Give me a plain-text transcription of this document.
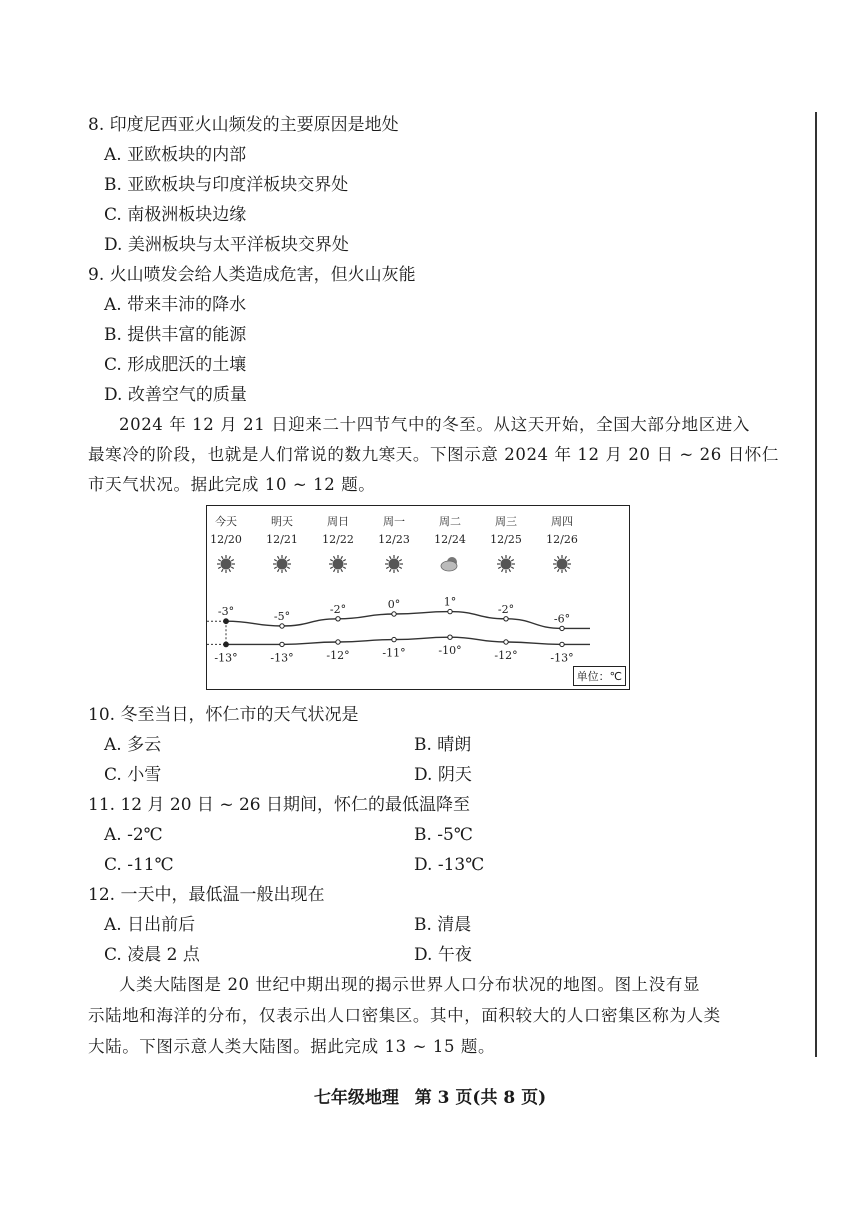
8. 印度尼西亚火山频发的主要原因是地处
A. 亚欧板块的内部
B. 亚欧板块与印度洋板块交界处
C. 南极洲板块边缘
D. 美洲板块与太平洋板块交界处
9. 火山喷发会给人类造成危害，但火山灰能
A. 带来丰沛的降水
B. 提供丰富的能源
C. 形成肥沃的土壤
D. 改善空气的质量
2024 年 12 月 21 日迎来二十四节气中的冬至。从这天开始，全国大部分地区进入
最寒冷的阶段，也就是人们常说的数九寒天。下图示意 2024 年 12 月 20 日 ~ 26 日怀仁
市天气状况。据此完成 10 ~ 12 题。
今天
12/20
明天
12/21
周日
12/22
周一
12/23
周二
12/24
周三
12/25
周四
12/26
-3°	-5°
-2°	0°	1°
-2°
-6°
-13°	-13°	-12°	-11°	-10°	-12°	-13°
单位：℃
10. 冬至当日，怀仁市的天气状况是
A. 多云	B. 晴朗
C. 小雪	D. 阴天
11. 12 月 20 日 ~ 26 日期间，怀仁的最低温降至
A. -2℃	B. -5℃
C. -11℃	D. -13℃
12. 一天中，最低温一般出现在
A. 日出前后	B. 清晨
C. 凌晨 2 点	D. 午夜
人类大陆图是 20 世纪中期出现的揭示世界人口分布状况的地图。图上没有显
示陆地和海洋的分布，仅表示出人口密集区。其中，面积较大的人口密集区称为人类
大陆。下图示意人类大陆图。据此完成 13 ~ 15 题。
七年级地理 第 3 页(共 8 页)
